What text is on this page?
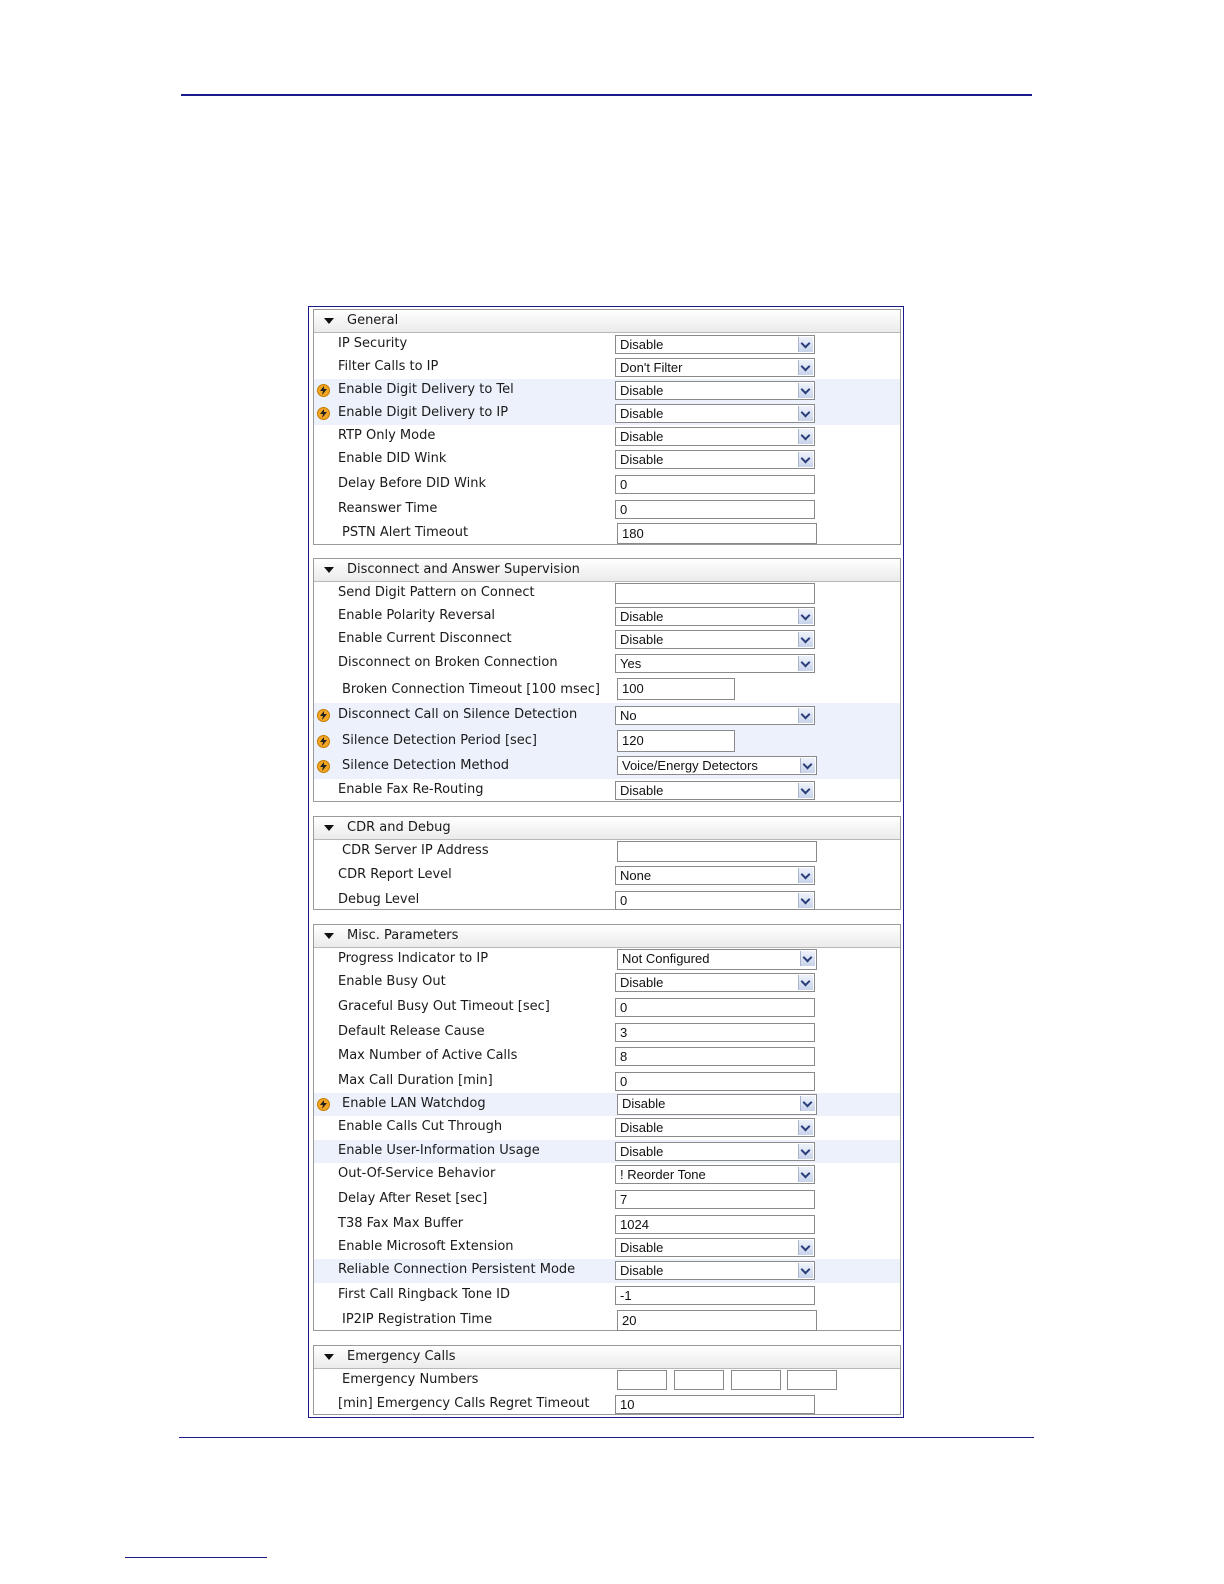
General
IP Security	Disable
Filter Calls to IP	Don't Filter
Enable Digit Delivery to Tel	Disable
Enable Digit Delivery to IP	Disable
RTP Only Mode	Disable
Enable DID Wink	Disable
Delay Before DID Wink	0
Reanswer Time	0
PSTN Alert Timeout	180
Disconnect and Answer Supervision
Send Digit Pattern on Connect
Enable Polarity Reversal	Disable
Enable Current Disconnect	Disable
Disconnect on Broken Connection	Yes
Broken Connection Timeout [100 msec]	100
Disconnect Call on Silence Detection	No
Silence Detection Period [sec]	120
Silence Detection Method	Voice/Energy Detectors
Enable Fax Re-Routing	Disable
CDR and Debug
CDR Server IP Address
CDR Report Level	None
Debug Level	0
Misc. Parameters
Progress Indicator to IP	Not Configured
Enable Busy Out	Disable
Graceful Busy Out Timeout [sec]	0
Default Release Cause	3
Max Number of Active Calls	8
Max Call Duration [min]	0
Enable LAN Watchdog	Disable
Enable Calls Cut Through	Disable
Enable User-Information Usage	Disable
Out-Of-Service Behavior	! Reorder Tone
Delay After Reset [sec]	7
T38 Fax Max Buffer	1024
Enable Microsoft Extension	Disable
Reliable Connection Persistent Mode	Disable
First Call Ringback Tone ID	-1
IP2IP Registration Time	20
Emergency Calls
Emergency Numbers
[min] Emergency Calls Regret Timeout	10
